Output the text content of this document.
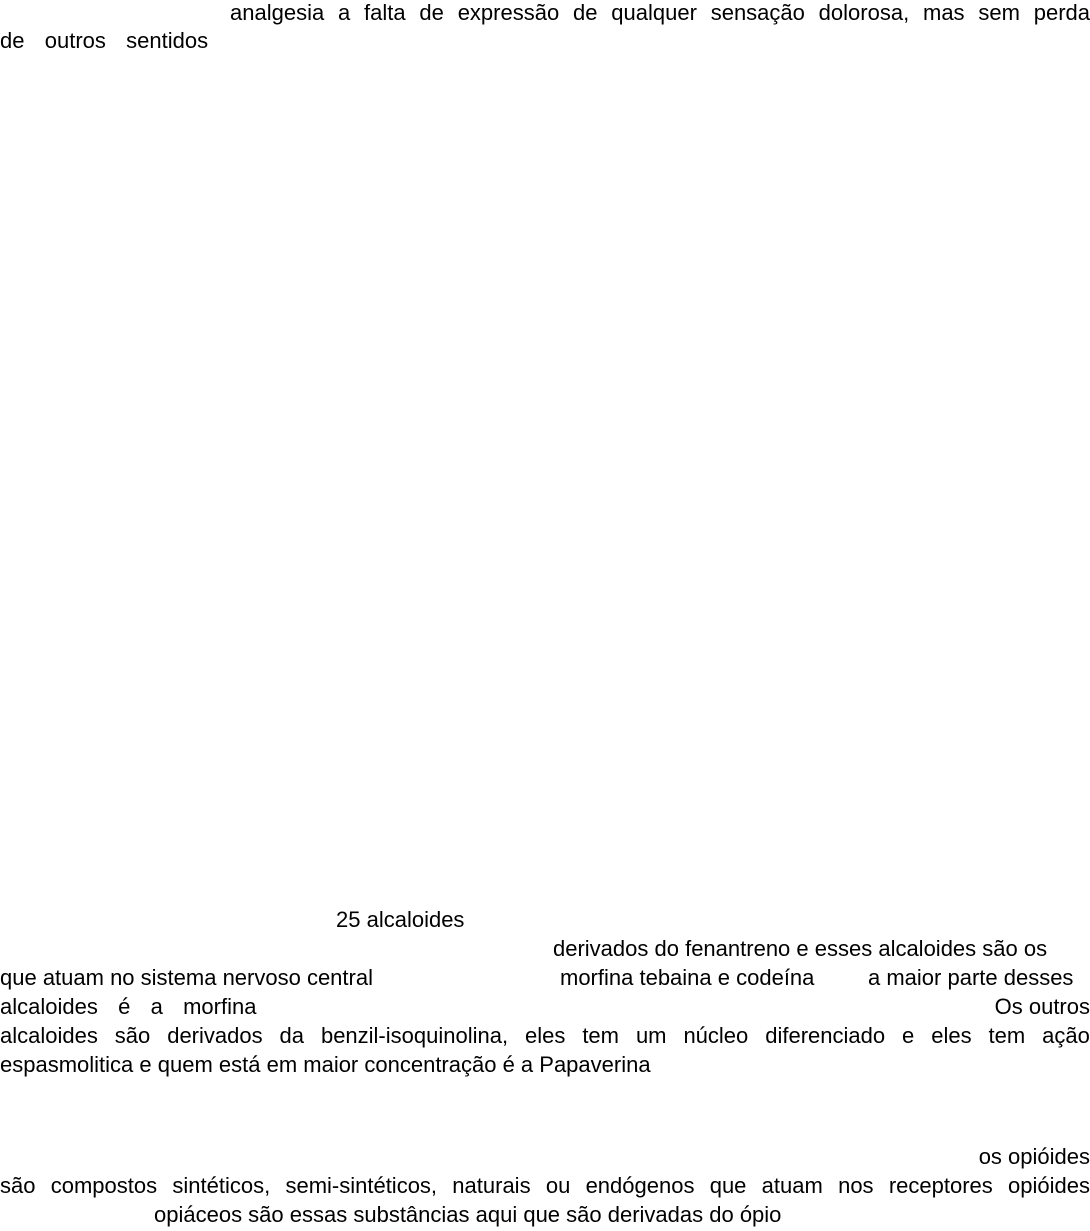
analgesia a falta de expressão de qualquer sensação dolorosa, mas sem perda
de outros sentidos
25 alcaloides
derivados do fenantreno e esses alcaloides são os
que atuam no sistema nervoso central	morfina tebaina e codeína a maior parte desses
alcaloides é a morfina	Os outros
alcaloides são derivados da benzil-isoquinolina, eles tem um núcleo diferenciado e eles tem ação
espasmolitica e quem está em maior concentração é a Papaverina
os opióides
são compostos sintéticos, semi-sintéticos, naturais ou endógenos que atuam nos receptores opióides
opiáceos são essas substâncias aqui que são derivadas do ópio
